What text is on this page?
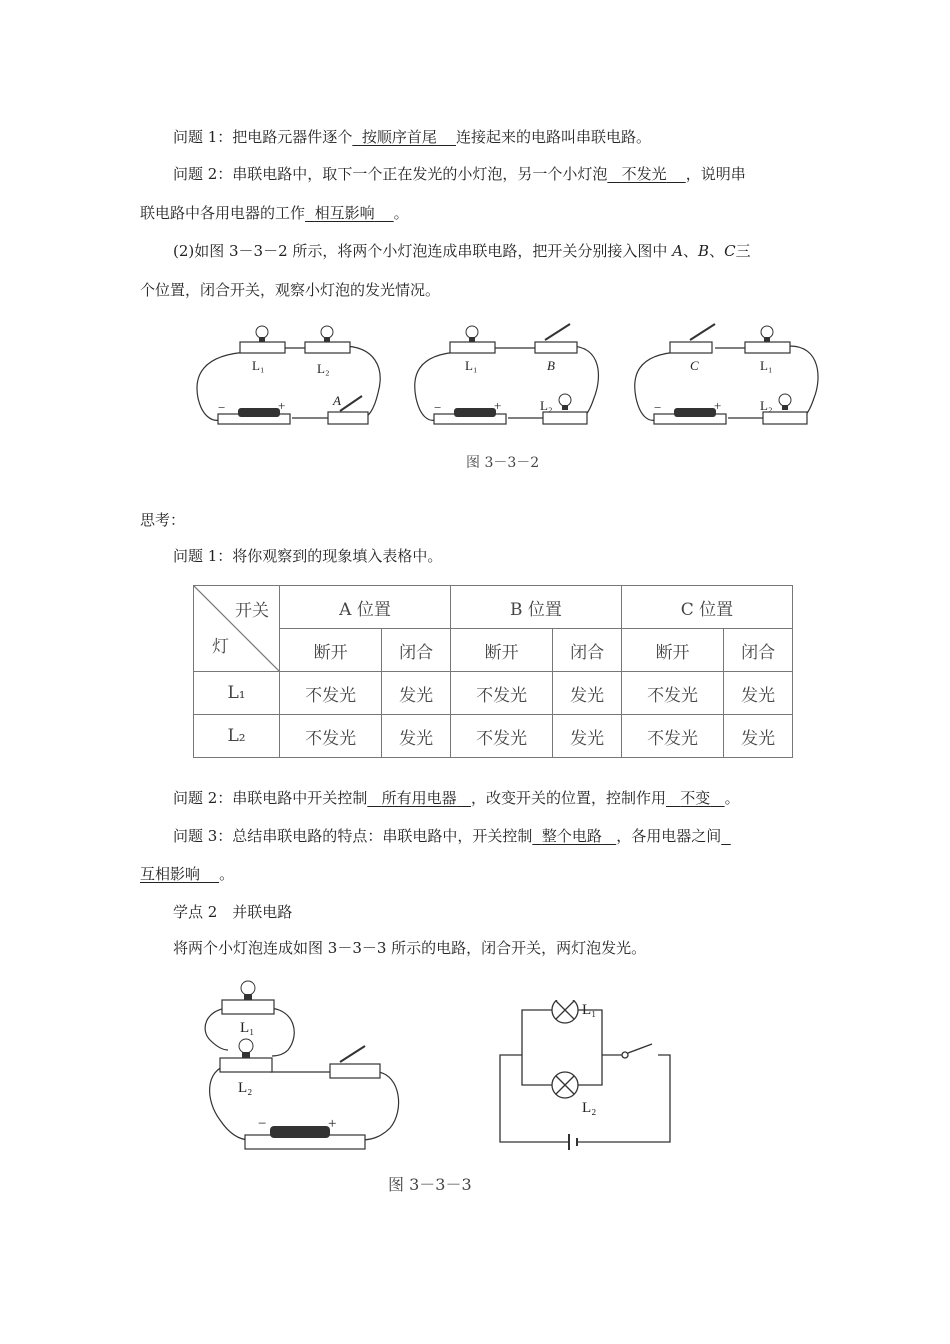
问题 1：把电路元器件逐个 按顺序首尾 连接起来的电路叫串联电路。
问题 2：串联电路中，取下一个正在发光的小灯泡，另一个小灯泡 不发光 ，说明串
联电路中各用电器的工作 相互影响 。
(2)如图 3－3－2 所示，将两个小灯泡连成串联电路，把开关分别接入图中 A、B、C三
个位置，闭合开关，观察小灯泡的发光情况。
L₁	L₂
A
−	+
L₁	B
L₂
−	+
C	L₁
L₂
−	+
图 3－3－2
思考：
问题 1：将你观察到的现象填入表格中。
开关
灯	A 位置		B 位置		C 位置	
	断开	闭合	断开	闭合	断开	闭合
L₁	不发光	发光	不发光	发光	不发光	发光
L₂	不发光	发光	不发光	发光	不发光	发光
问题 2：串联电路中开关控制 所有用电器 ，改变开关的位置，控制作用 不变 。
问题 3：总结串联电路的特点：串联电路中，开关控制 整个电路 ，各用电器之间
互相影响 。
学点 2　并联电路
将两个小灯泡连成如图 3－3－3 所示的电路，闭合开关，两灯泡发光。
L₁
L₂
−	+
L₁
L₂
图 3－3－3
